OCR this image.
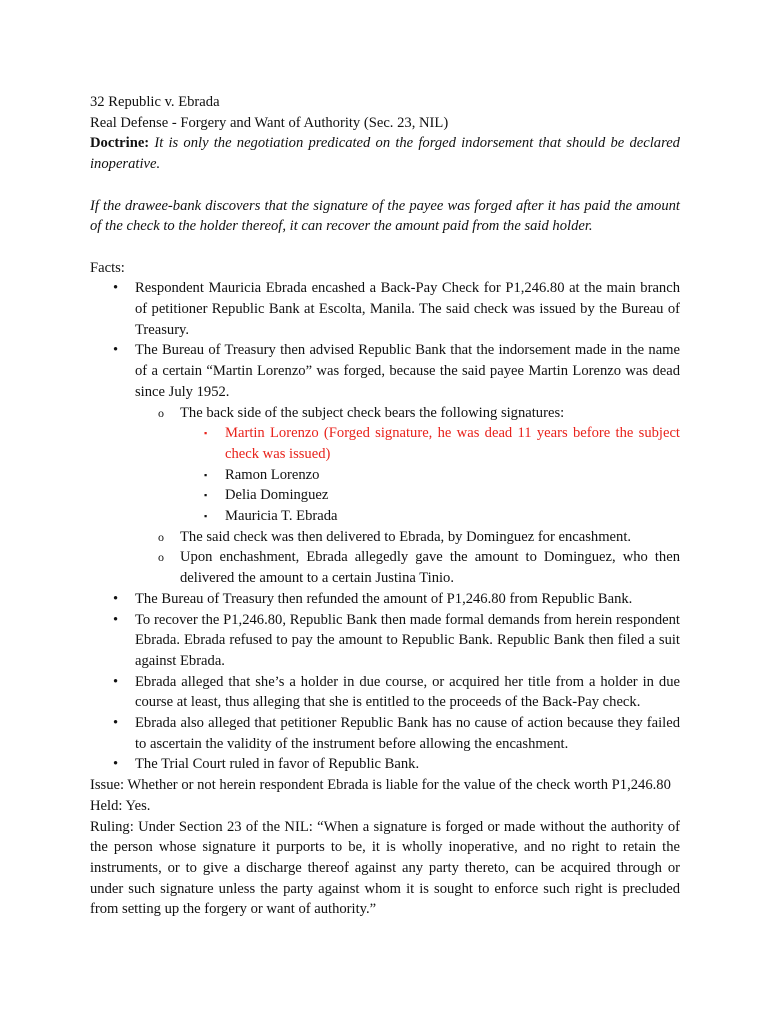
32 Republic v. Ebrada

Real Defense - Forgery and Want of Authority (Sec. 23, NIL)

Doctrine: It is only the negotiation predicated on the forged indorsement that should be declared inoperative.

If the drawee-bank discovers that the signature of the payee was forged after it has paid the amount of the check to the holder thereof, it can recover the amount paid from the said holder.

Facts:

• Respondent Mauricia Ebrada encashed a Back-Pay Check for P1,246.80 at the main branch of petitioner Republic Bank at Escolta, Manila. The said check was issued by the Bureau of Treasury.
• The Bureau of Treasury then advised Republic Bank that the indorsement made in the name of a certain “Martin Lorenzo” was forged, because the said payee Martin Lorenzo was dead since July 1952.
o The back side of the subject check bears the following signatures:
▪ Martin Lorenzo (Forged signature, he was dead 11 years before the subject check was issued)
▪ Ramon Lorenzo
▪ Delia Dominguez
▪ Mauricia T. Ebrada
o The said check was then delivered to Ebrada, by Dominguez for encashment.
o Upon enchashment, Ebrada allegedly gave the amount to Dominguez, who then delivered the amount to a certain Justina Tinio.
• The Bureau of Treasury then refunded the amount of P1,246.80 from Republic Bank.
• To recover the P1,246.80, Republic Bank then made formal demands from herein respondent Ebrada. Ebrada refused to pay the amount to Republic Bank. Republic Bank then filed a suit against Ebrada.
• Ebrada alleged that she’s a holder in due course, or acquired her title from a holder in due course at least, thus alleging that she is entitled to the proceeds of the Back-Pay check.
• Ebrada also alleged that petitioner Republic Bank has no cause of action because they failed to ascertain the validity of the instrument before allowing the encashment.
• The Trial Court ruled in favor of Republic Bank.

Issue: Whether or not herein respondent Ebrada is liable for the value of the check worth P1,246.80

Held: Yes.

Ruling: Under Section 23 of the NIL: “When a signature is forged or made without the authority of the person whose signature it purports to be, it is wholly inoperative, and no right to retain the instruments, or to give a discharge thereof against any party thereto, can be acquired through or under such signature unless the party against whom it is sought to enforce such right is precluded from setting up the forgery or want of authority.”
